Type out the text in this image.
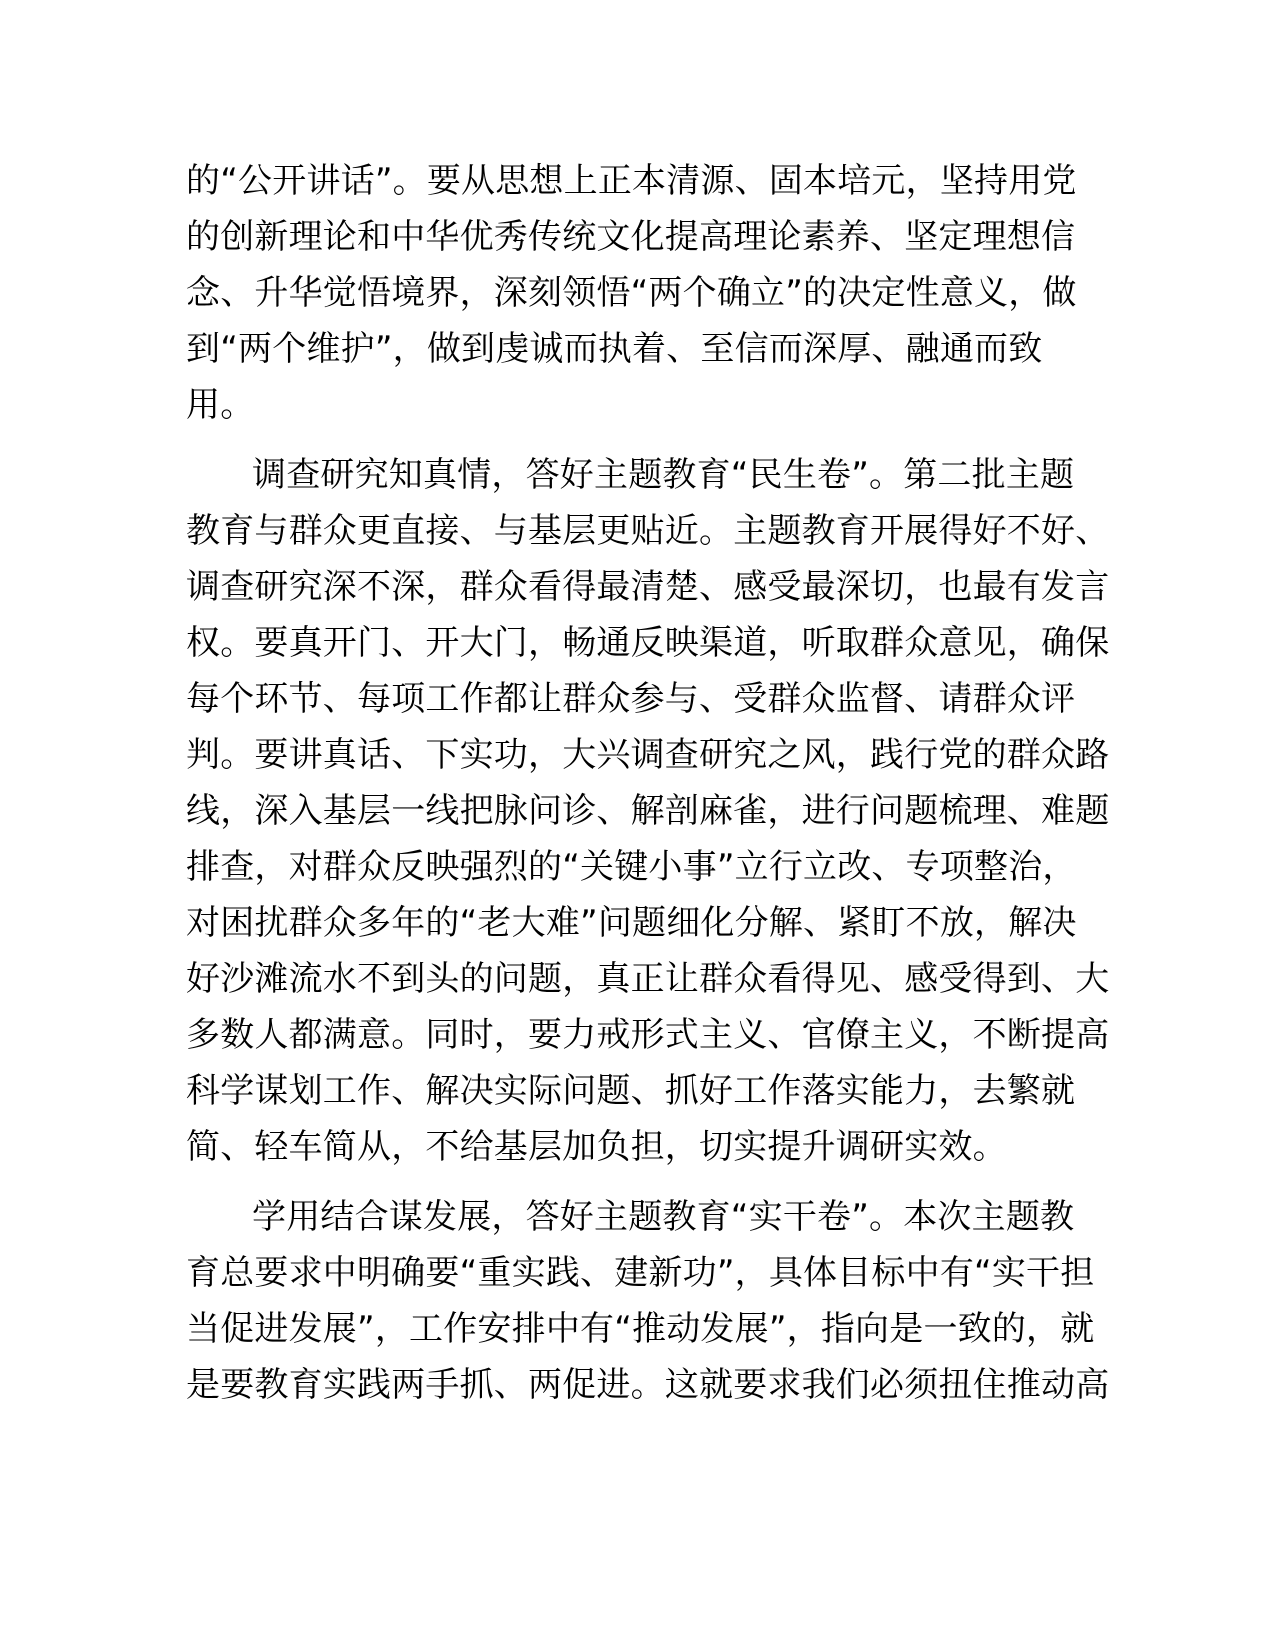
的“公开讲话”。要从思想上正本清源、固本培元，坚持用党
的创新理论和中华优秀传统文化提高理论素养、坚定理想信
念、升华觉悟境界，深刻领悟“两个确立”的决定性意义，做
到“两个维护”，做到虔诚而执着、至信而深厚、融通而致
用。
调查研究知真情，答好主题教育“民生卷”。第二批主题
教育与群众更直接、与基层更贴近。主题教育开展得好不好、
调查研究深不深，群众看得最清楚、感受最深切，也最有发言
权。要真开门、开大门，畅通反映渠道，听取群众意见，确保
每个环节、每项工作都让群众参与、受群众监督、请群众评
判。要讲真话、下实功，大兴调查研究之风，践行党的群众路
线，深入基层一线把脉问诊、解剖麻雀，进行问题梳理、难题
排查，对群众反映强烈的“关键小事”立行立改、专项整治，
对困扰群众多年的“老大难”问题细化分解、紧盯不放，解决
好沙滩流水不到头的问题，真正让群众看得见、感受得到、大
多数人都满意。同时，要力戒形式主义、官僚主义，不断提高
科学谋划工作、解决实际问题、抓好工作落实能力，去繁就
简、轻车简从，不给基层加负担，切实提升调研实效。
学用结合谋发展，答好主题教育“实干卷”。本次主题教
育总要求中明确要“重实践、建新功”，具体目标中有“实干担
当促进发展”，工作安排中有“推动发展”，指向是一致的，就
是要教育实践两手抓、两促进。这就要求我们必须扭住推动高
